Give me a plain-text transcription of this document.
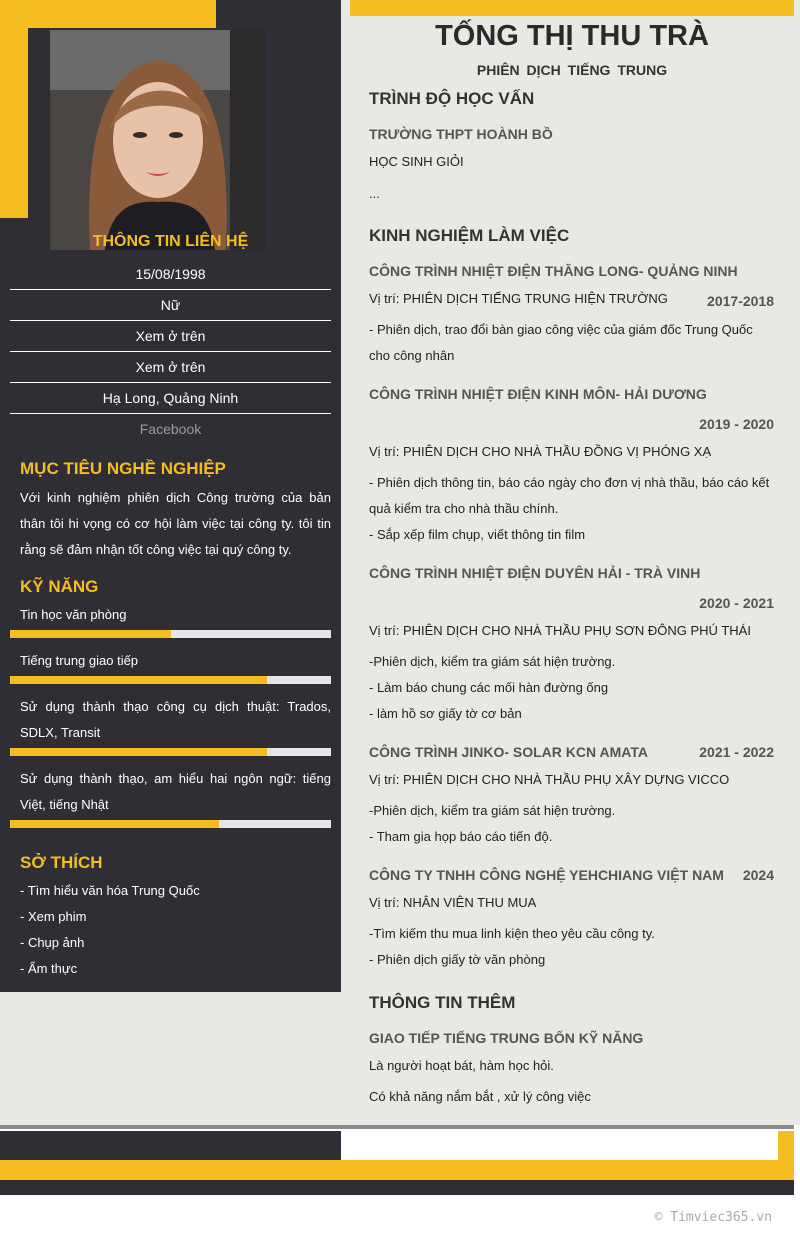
THÔNG TIN LIÊN HỆ
15/08/1998
Nữ
Xem ở trên
Xem ở trên
Hạ Long, Quảng Ninh
Facebook
MỤC TIÊU NGHỀ NGHIỆP
Với kinh nghiệm phiên dịch Công trường của bản thân tôi hi vọng có cơ hội làm việc tại công ty. tôi tin rằng sẽ đảm nhận tốt công việc tại quý công ty.
KỸ NĂNG
Tin học văn phòng
Tiếng trung giao tiếp
Sử dụng thành thạo công cụ dịch thuật: Trados, SDLX, Transit
Sử dụng thành thạo, am hiểu hai ngôn ngữ: tiếng Việt, tiếng Nhật
SỞ THÍCH
- Tìm hiểu văn hóa Trung Quốc
- Xem phim
- Chụp ảnh
- Ẩm thực
TỐNG THỊ THU TRÀ
PHIÊN DỊCH TIẾNG TRUNG
TRÌNH ĐỘ HỌC VẤN
TRƯỜNG THPT HOÀNH BỒ
HỌC SINH GIỎI
...
KINH NGHIỆM LÀM VIỆC
CÔNG TRÌNH NHIỆT ĐIỆN THĂNG LONG- QUẢNG NINH
2017-2018
Vị trí: PHIÊN DỊCH TIẾNG TRUNG HIỆN TRƯỜNG
- Phiên dịch, trao đổi bàn giao công việc của giám đốc Trung Quốc cho công nhân
CÔNG TRÌNH NHIỆT ĐIỆN KINH MÔN- HẢI DƯƠNG
2019 - 2020
Vị trí: PHIÊN DỊCH CHO NHÀ THẦU ĐỒNG VỊ PHÓNG XẠ
- Phiên dịch thông tin, báo cáo ngày cho đơn vị nhà thầu, báo cáo kết quả kiểm tra cho nhà thầu chính.
- Sắp xếp film chụp, viết thông tin film
CÔNG TRÌNH NHIỆT ĐIỆN DUYÊN HẢI - TRÀ VINH
2020 - 2021
Vị trí: PHIÊN DỊCH CHO NHÀ THẦU PHỤ SƠN ĐÔNG PHÚ THÁI
-Phiên dịch, kiểm tra giám sát hiện trường.
- Làm báo chung các mối hàn đường ống
- làm hồ sơ giấy tờ cơ bản
CÔNG TRÌNH JINKO- SOLAR KCN AMATA	2021 - 2022
Vị trí: PHIÊN DỊCH CHO NHÀ THẦU PHỤ XÂY DỰNG VICCO
-Phiên dịch, kiểm tra giám sát hiện trường.
- Tham gia họp báo cáo tiến độ.
CÔNG TY TNHH CÔNG NGHỆ YEHCHIANG VIỆT NAM 2024
Vị trí: NHÂN VIÊN THU MUA
-Tìm kiếm thu mua linh kiện theo yêu cầu công ty.
- Phiên dịch giấy tờ văn phòng
THÔNG TIN THÊM
GIAO TIẾP TIẾNG TRUNG BỐN KỸ NĂNG
Là người hoạt bát, hàm học hỏi.
Có khả năng nắm bắt , xử lý công việc
© Timviec365.vn
